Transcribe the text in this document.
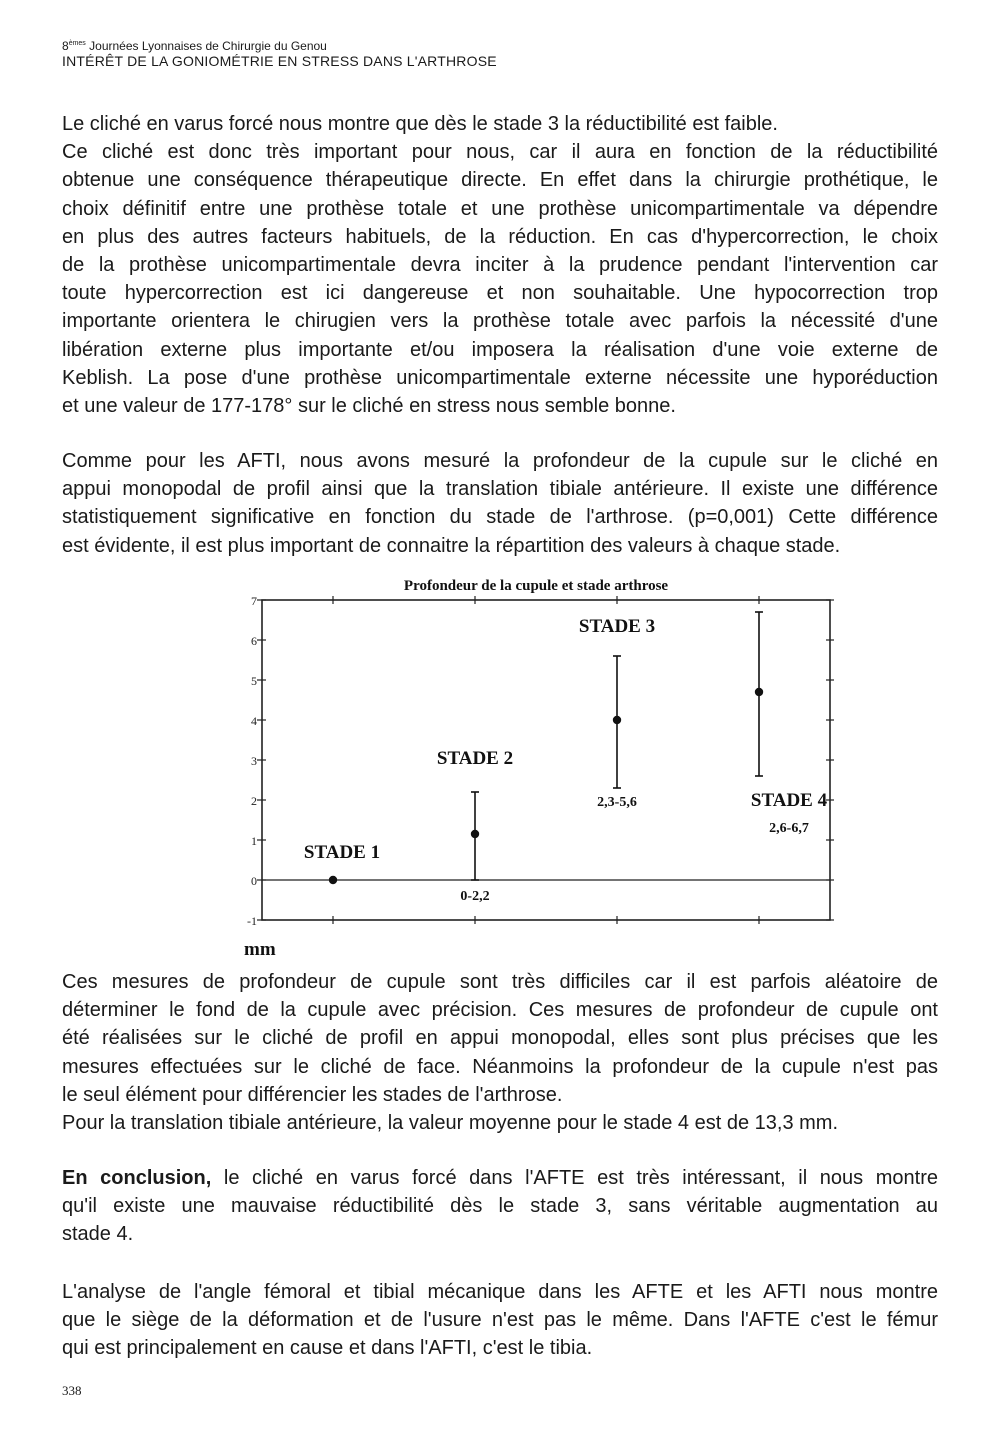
8èmes Journées Lyonnaises de Chirurgie du Genou
INTÉRÊT DE LA GONIOMÉTRIE EN STRESS DANS L'ARTHROSE
Le cliché en varus forcé nous montre que dès le stade 3 la réductibilité est faible.
Ce cliché est donc très important pour nous, car il aura en fonction de la réductibilité
obtenue une conséquence thérapeutique directe. En effet dans la chirurgie prothétique, le
choix définitif entre une prothèse totale et une prothèse unicompartimentale va dépendre
en plus des autres facteurs habituels, de la réduction. En cas d'hypercorrection, le choix
de la prothèse unicompartimentale devra inciter à la prudence pendant l'intervention car
toute hypercorrection est ici dangereuse et non souhaitable. Une hypocorrection trop
importante orientera le chirugien vers la prothèse totale avec parfois la nécessité d'une
libération externe plus importante et/ou imposera la réalisation d'une voie externe de
Keblish. La pose d'une prothèse unicompartimentale externe nécessite une hyporéduction
et une valeur de 177-178° sur le cliché en stress nous semble bonne.
Comme pour les AFTI, nous avons mesuré la profondeur de la cupule sur le cliché en
appui monopodal de profil ainsi que la translation tibiale antérieure. Il existe une différence
statistiquement significative en fonction du stade de l'arthrose. (p=0,001) Cette différence
est évidente, il est plus important de connaitre la répartition des valeurs à chaque stade.
Profondeur de la cupule et stade arthrose
-1
0
1
2
3
4
5
6
7
STADE 1
STADE 2
0-2,2
STADE 3
2,3-5,6	STADE 4
2,6-6,7
mm
Ces mesures de profondeur de cupule sont très difficiles car il est parfois aléatoire de
déterminer le fond de la cupule avec précision. Ces mesures de profondeur de cupule ont
été réalisées sur le cliché de profil en appui monopodal, elles sont plus précises que les
mesures effectuées sur le cliché de face. Néanmoins la profondeur de la cupule n'est pas
le seul élément pour différencier les stades de l'arthrose.
Pour la translation tibiale antérieure, la valeur moyenne pour le stade 4 est de 13,3 mm.
En conclusion, le cliché en varus forcé dans l'AFTE est très intéressant, il nous montre
qu'il existe une mauvaise réductibilité dès le stade 3, sans véritable augmentation au
stade 4.
L'analyse de l'angle fémoral et tibial mécanique dans les AFTE et les AFTI nous montre
que le siège de la déformation et de l'usure n'est pas le même. Dans l'AFTE c'est le fémur
qui est principalement en cause et dans l'AFTI, c'est le tibia.
338
